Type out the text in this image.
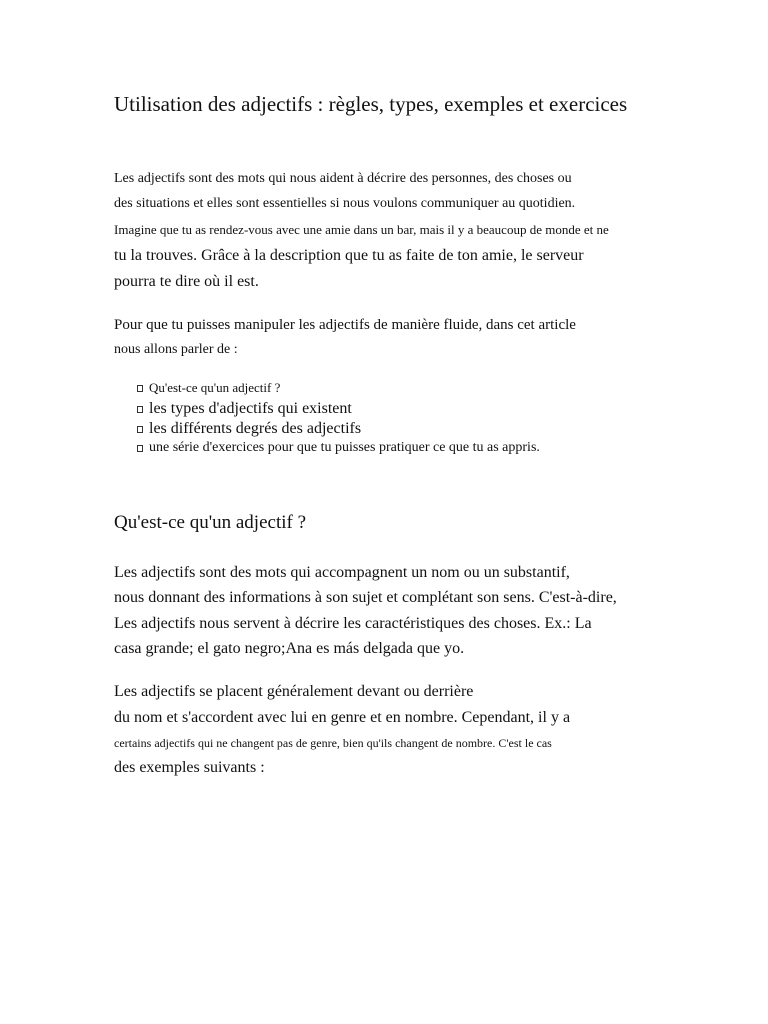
Utilisation des adjectifs : règles, types, exemples et exercices
Les adjectifs sont des mots qui nous aident à décrire des personnes, des choses ou
des situations et elles sont essentielles si nous voulons communiquer au quotidien.
Imagine que tu as rendez-vous avec une amie dans un bar, mais il y a beaucoup de monde et ne
tu la trouves. Grâce à la description que tu as faite de ton amie, le serveur
pourra te dire où il est.
Pour que tu puisses manipuler les adjectifs de manière fluide, dans cet article
nous allons parler de :
Qu'est-ce qu'un adjectif ?
les types d'adjectifs qui existent
les différents degrés des adjectifs
une série d'exercices pour que tu puisses pratiquer ce que tu as appris.
Qu'est-ce qu'un adjectif ?
Les adjectifs sont des mots qui accompagnent un nom ou un substantif,
nous donnant des informations à son sujet et complétant son sens. C'est-à-dire,
Les adjectifs nous servent à décrire les caractéristiques des choses. Ex.: La
casa grande; el gato negro;Ana es más delgada que yo.
Les adjectifs se placent généralement devant ou derrière
du nom et s'accordent avec lui en genre et en nombre. Cependant, il y a
certains adjectifs qui ne changent pas de genre, bien qu'ils changent de nombre. C'est le cas
des exemples suivants :
